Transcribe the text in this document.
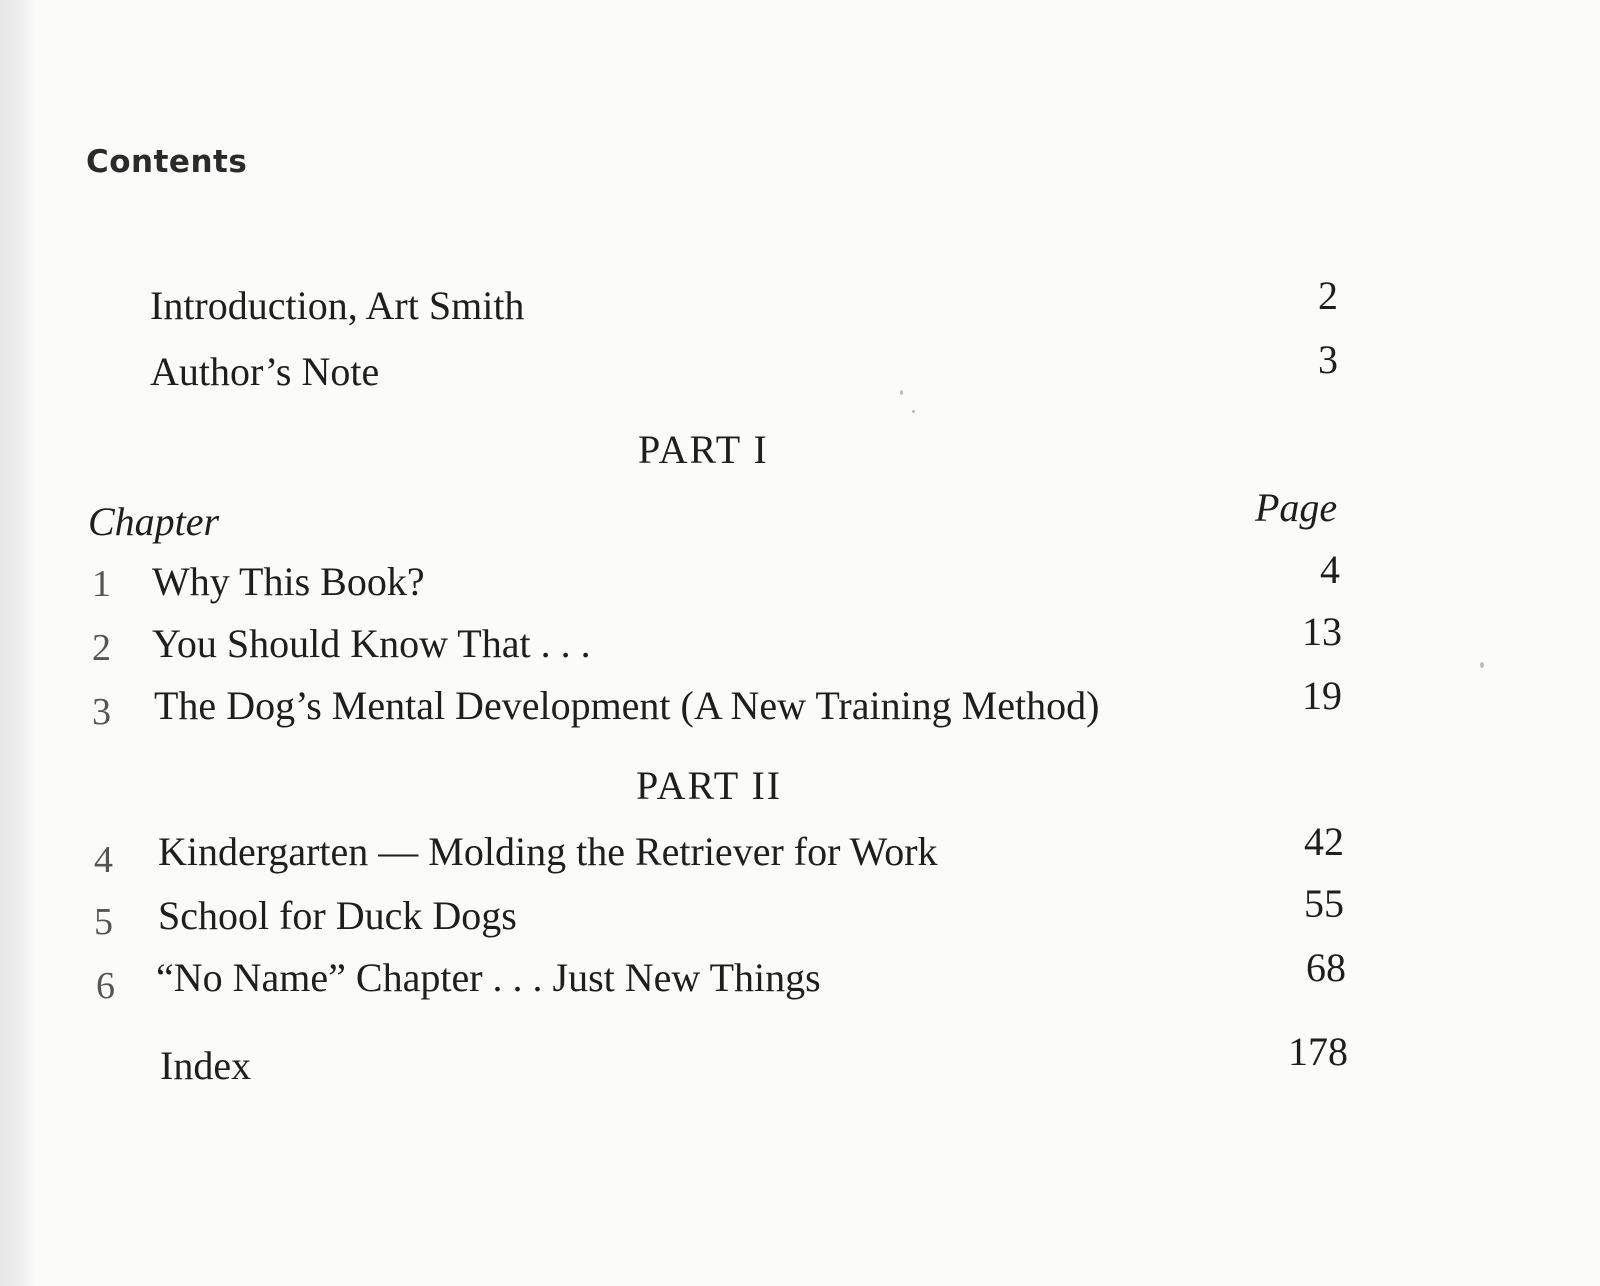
Contents
Introduction, Art Smith	2
Author’s Note	3
PART I
Chapter	Page
1 Why This Book?	4
2 You Should Know That . . .	13
3 The Dog’s Mental Development (A New Training Method)	19
PART II
4 Kindergarten — Molding the Retriever for Work	42
5 School for Duck Dogs	55
6 “No Name” Chapter . . . Just New Things	68
Index	178
